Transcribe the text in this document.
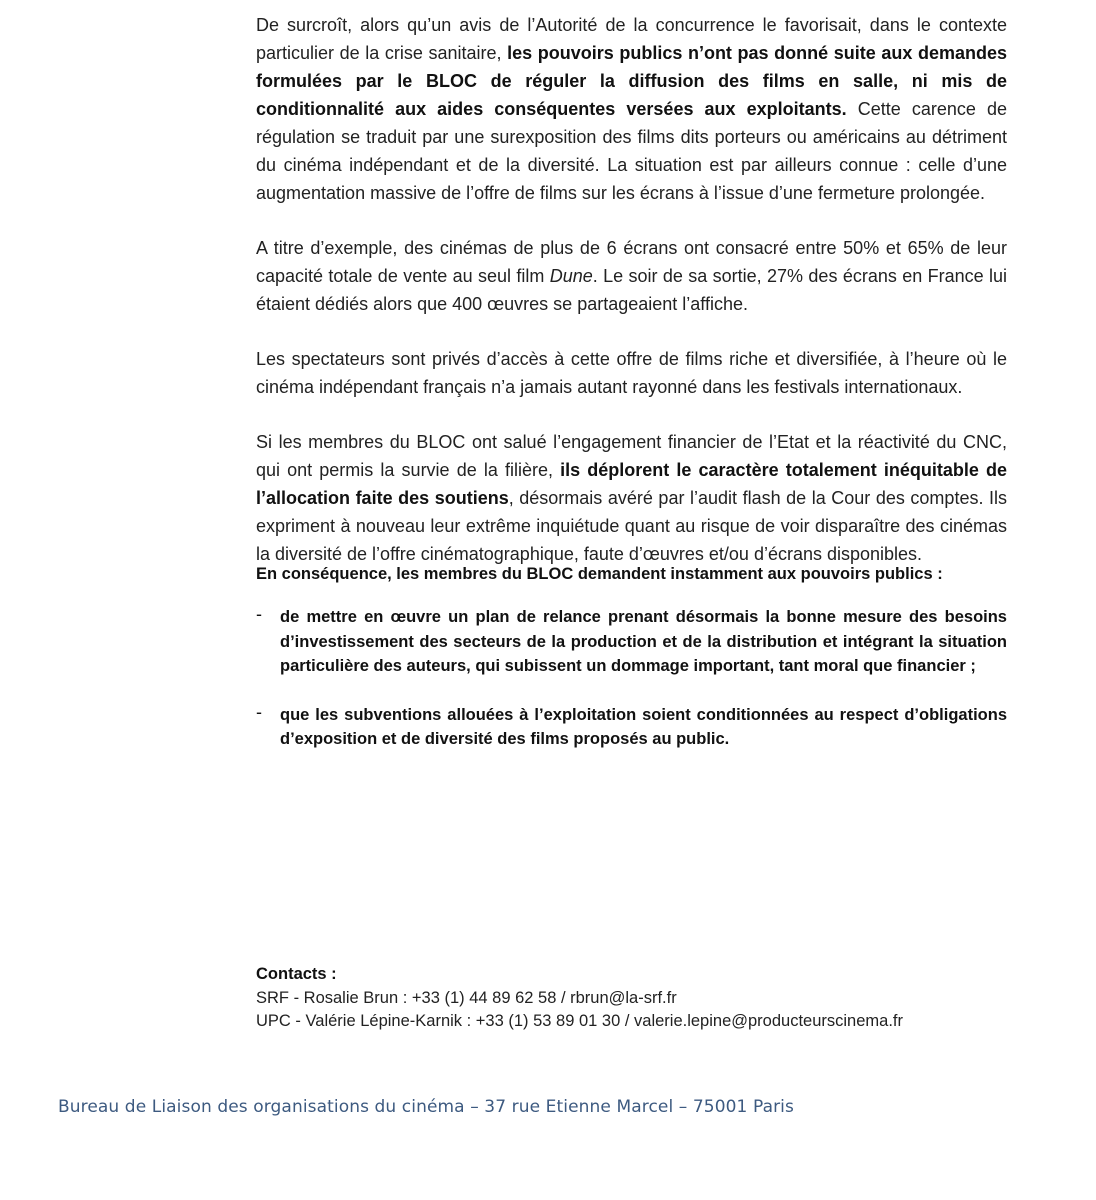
De surcroît, alors qu’un avis de l’Autorité de la concurrence le favorisait, dans le contexte particulier de la crise sanitaire, les pouvoirs publics n’ont pas donné suite aux demandes formulées par le BLOC de réguler la diffusion des films en salle, ni mis de conditionnalité aux aides conséquentes versées aux exploitants. Cette carence de régulation se traduit par une surexposition des films dits porteurs ou américains au détriment du cinéma indépendant et de la diversité. La situation est par ailleurs connue : celle d’une augmentation massive de l’offre de films sur les écrans à l’issue d’une fermeture prolongée.

A titre d’exemple, des cinémas de plus de 6 écrans ont consacré entre 50% et 65% de leur capacité totale de vente au seul film Dune. Le soir de sa sortie, 27% des écrans en France lui étaient dédiés alors que 400 œuvres se partageaient l’affiche.

Les spectateurs sont privés d’accès à cette offre de films riche et diversifiée, à l’heure où le cinéma indépendant français n’a jamais autant rayonné dans les festivals internationaux.

Si les membres du BLOC ont salué l’engagement financier de l’Etat et la réactivité du CNC, qui ont permis la survie de la filière, ils déplorent le caractère totalement inéquitable de l’allocation faite des soutiens, désormais avéré par l’audit flash de la Cour des comptes. Ils expriment à nouveau leur extrême inquiétude quant au risque de voir disparaître des cinémas la diversité de l’offre cinématographique, faute d’œuvres et/ou d’écrans disponibles.

En conséquence, les membres du BLOC demandent instamment aux pouvoirs publics :

- de mettre en œuvre un plan de relance prenant désormais la bonne mesure des besoins d’investissement des secteurs de la production et de la distribution et intégrant la situation particulière des auteurs, qui subissent un dommage important, tant moral que financier ;
- que les subventions allouées à l’exploitation soient conditionnées au respect d’obligations d’exposition et de diversité des films proposés au public.
Contacts :
SRF - Rosalie Brun : +33 (1) 44 89 62 58 / rbrun@la-srf.fr
UPC - Valérie Lépine-Karnik : +33 (1) 53 89 01 30 / valerie.lepine@producteurscinema.fr
Bureau de Liaison des organisations du cinéma – 37 rue Etienne Marcel – 75001 Paris
